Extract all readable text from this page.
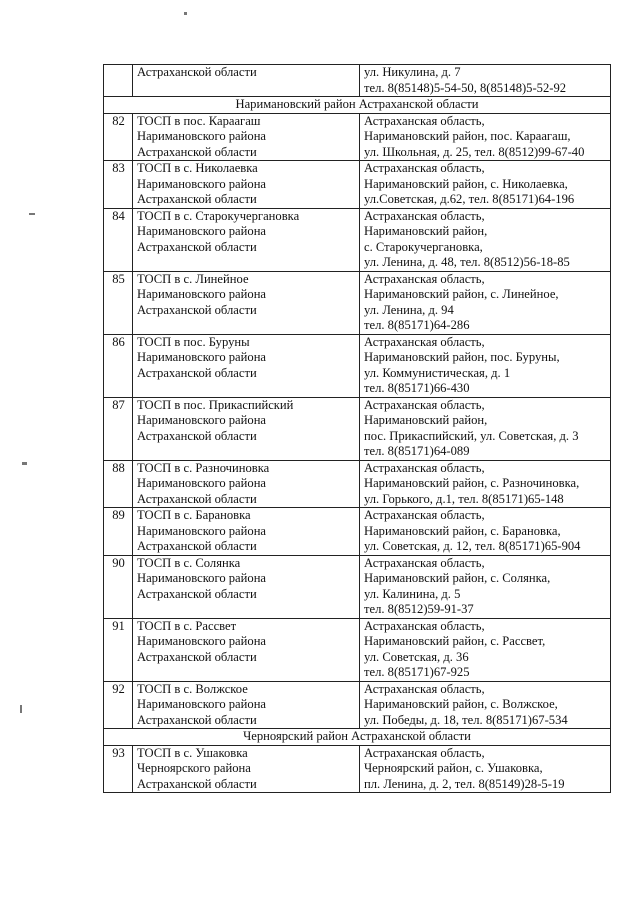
	Астраханской области	ул. Никулина, д. 7
тел. 8(85148)5-54-50, 8(85148)5-52-92

Наримановский район Астраханской области		
82	ТОСП в пос. Караагаш
Наримановского района
Астраханской области	Астраханская область,
Наримановский район, пос. Караагаш,
ул. Школьная, д. 25, тел. 8(8512)99-67-40

83	ТОСП в с. Николаевка
Наримановского района
Астраханской области	Астраханская область,
Наримановский район, с. Николаевка,
ул.Советская, д.62, тел. 8(85171)64-196

84	ТОСП в с. Старокучергановка
Наримановского района
Астраханской области	Астраханская область,
Наримановский район,
с. Старокучергановка,
ул. Ленина, д. 48, тел. 8(8512)56-18-85

85	ТОСП в с. Линейное
Наримановского района
Астраханской области	Астраханская область,
Наримановский район, с. Линейное,
ул. Ленина, д. 94
тел. 8(85171)64-286

86	ТОСП в пос. Буруны
Наримановского района
Астраханской области	Астраханская область,
Наримановский район, пос. Буруны,
ул. Коммунистическая, д. 1
тел. 8(85171)66-430

87	ТОСП в пос. Прикаспийский
Наримановского района
Астраханской области	Астраханская область,
Наримановский район,
пос. Прикаспийский, ул. Советская, д. 3
тел. 8(85171)64-089

88	ТОСП в с. Разночиновка
Наримановского района
Астраханской области	Астраханская область,
Наримановский район, с. Разночиновка,
ул. Горького, д.1, тел. 8(85171)65-148

89	ТОСП в с. Барановка
Наримановского района
Астраханской области	Астраханская область,
Наримановский район, с. Барановка,
ул. Советская, д. 12, тел. 8(85171)65-904

90	ТОСП в с. Солянка
Наримановского района
Астраханской области	Астраханская область,
Наримановский район, с. Солянка,
ул. Калинина, д. 5
тел. 8(8512)59-91-37

91	ТОСП в с. Рассвет
Наримановского района
Астраханской области	Астраханская область,
Наримановский район, с. Рассвет,
ул. Советская, д. 36
тел. 8(85171)67-925

92	ТОСП в с. Волжское
Наримановского района
Астраханской области	Астраханская область,
Наримановский район, с. Волжское,
ул. Победы, д. 18, тел. 8(85171)67-534

Черноярский район Астраханской области		
93	ТОСП в с. Ушаковка
Черноярского района
Астраханской области	Астраханская область,
Черноярский район, с. Ушаковка,
пл. Ленина, д. 2, тел. 8(85149)28-5-19
